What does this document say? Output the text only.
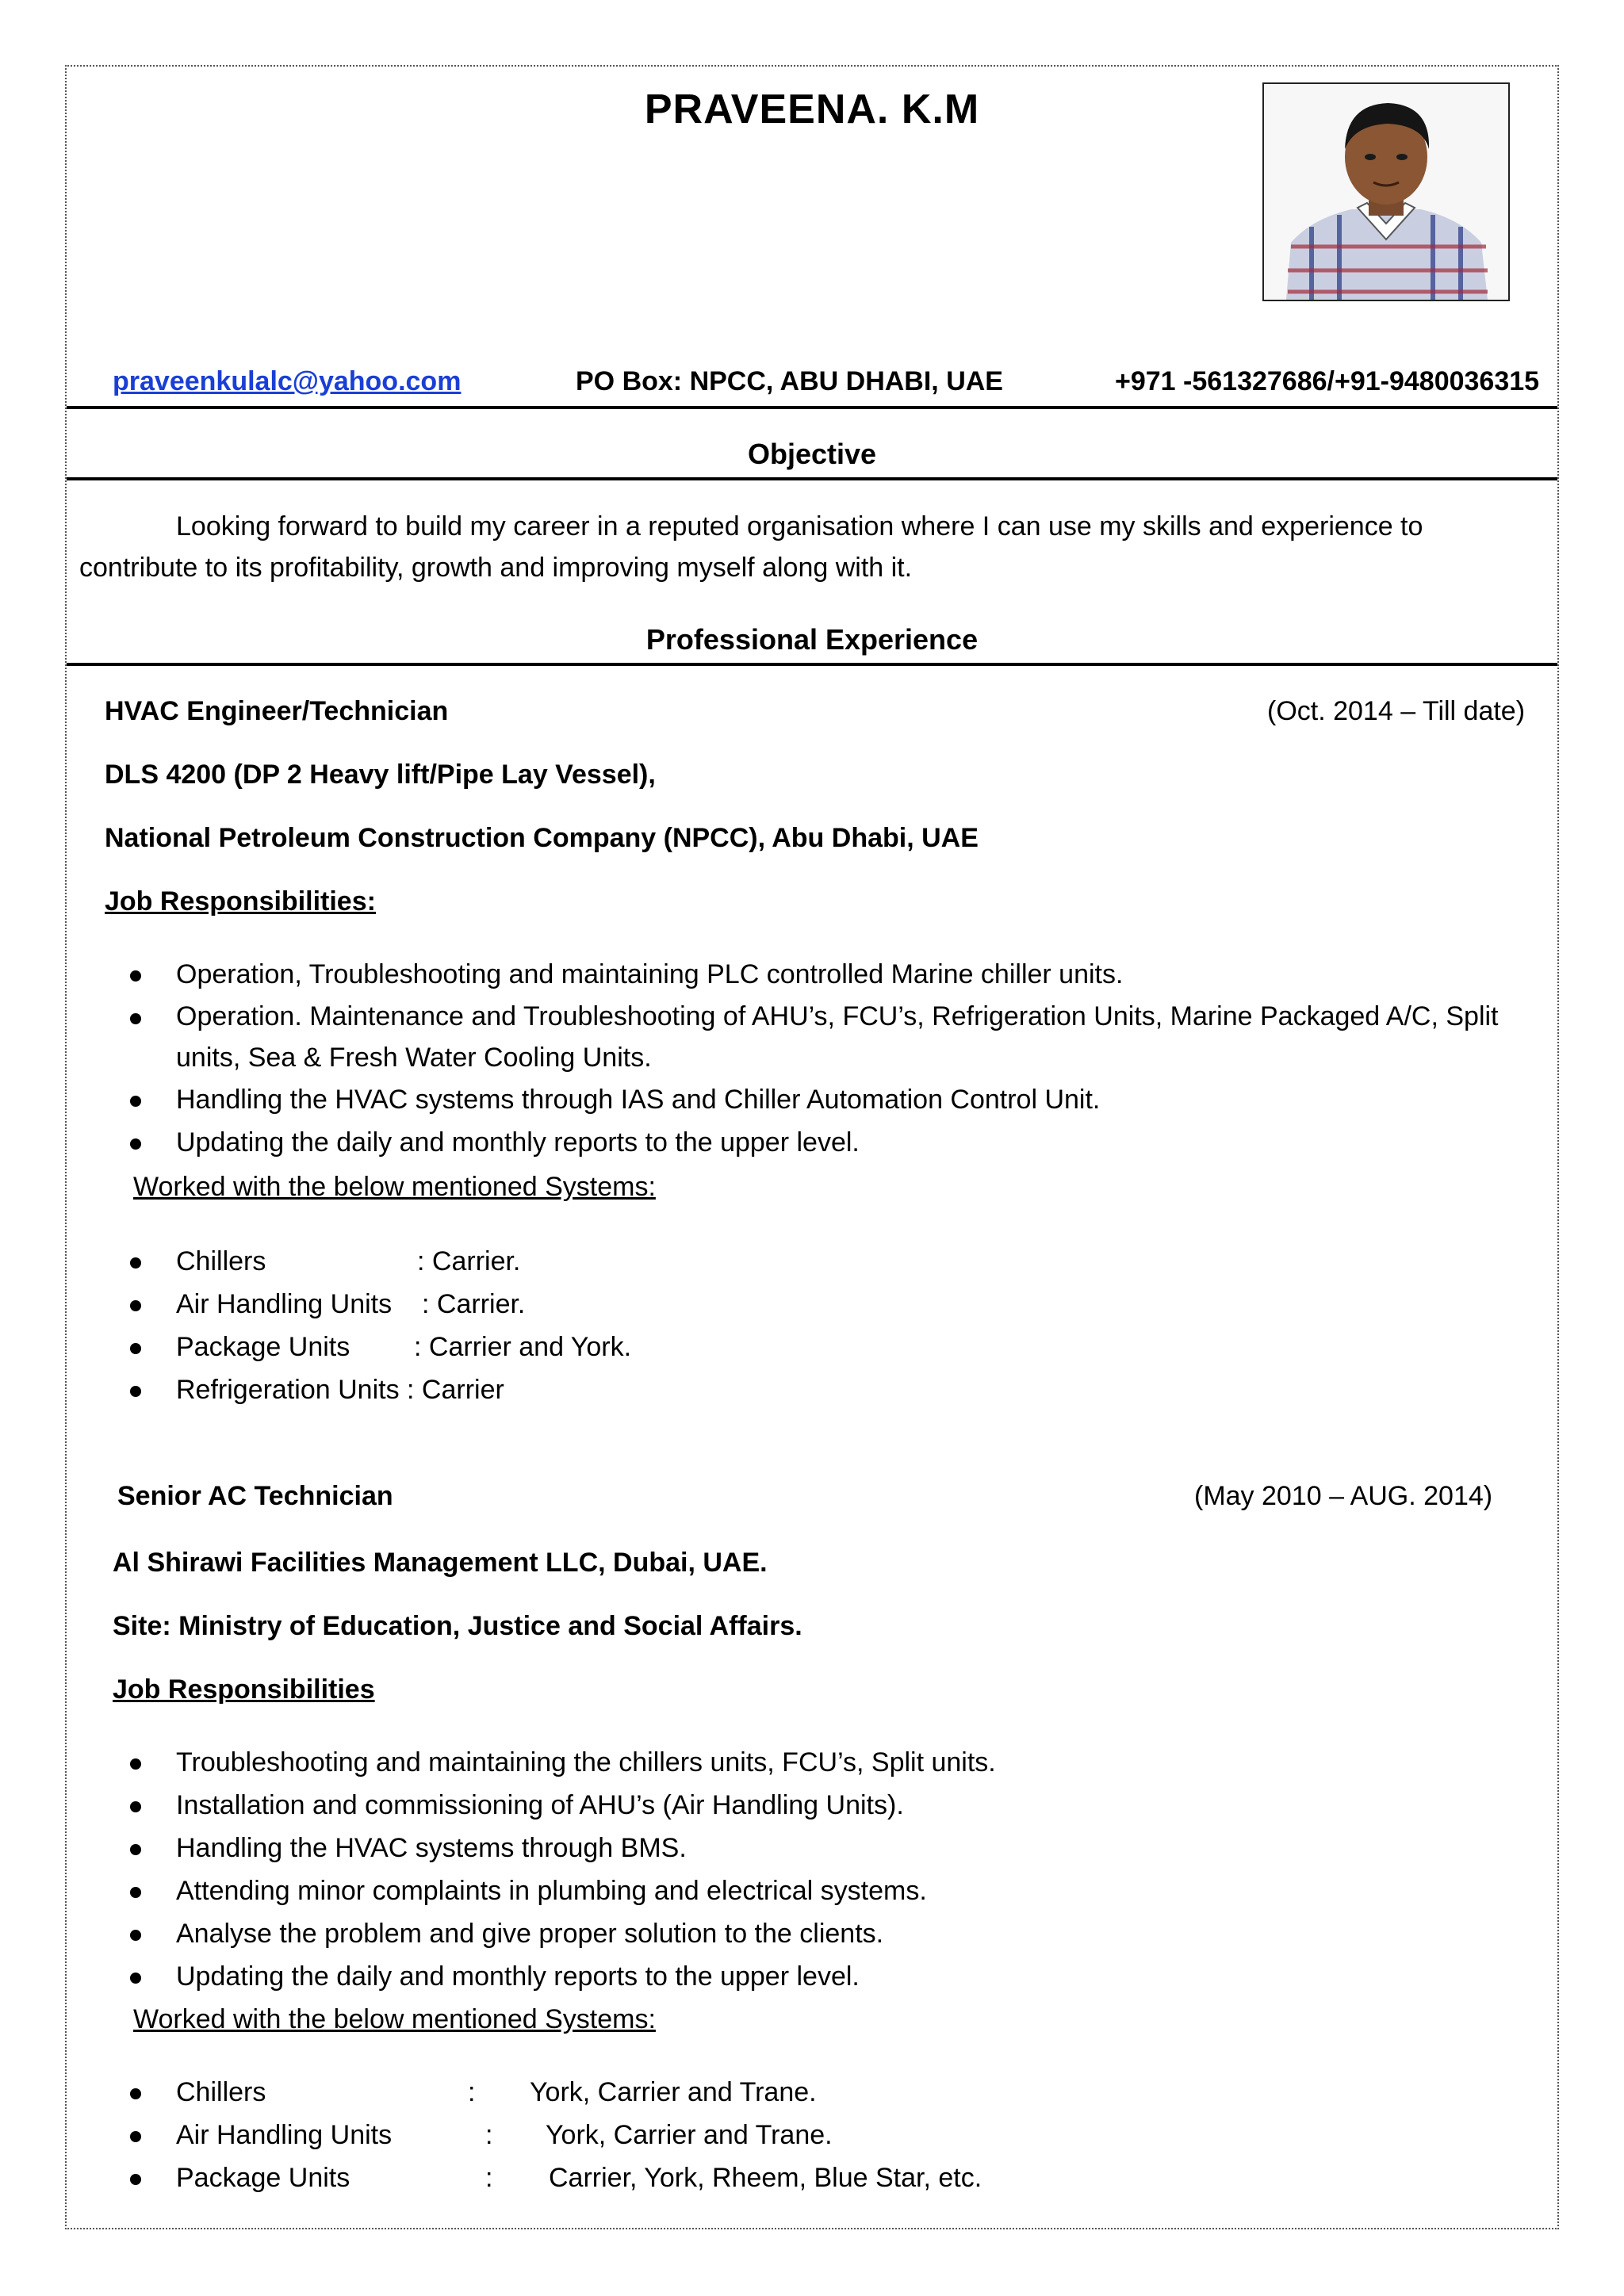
PRAVEENA. K.M
praveenkulalc@yahoo.com	PO Box: NPCC, ABU DHABI, UAE	+971 -561327686/+91-9480036315
Objective
Looking forward to build my career in a reputed organisation where I can use my skills and experience to contribute to its profitability, growth and improving myself along with it.
Professional Experience
HVAC Engineer/Technician	(Oct. 2014 – Till date)
DLS 4200 (DP 2 Heavy lift/Pipe Lay Vessel),
National Petroleum Construction Company (NPCC), Abu Dhabi, UAE
Job Responsibilities:
Operation, Troubleshooting and maintaining PLC controlled Marine chiller units.
Operation. Maintenance and Troubleshooting of AHU’s, FCU’s, Refrigeration Units, Marine Packaged A/C, Split units, Sea & Fresh Water Cooling Units.
Handling the HVAC systems through IAS and Chiller Automation Control Unit.
Updating the daily and monthly reports to the upper level.
Worked with the below mentioned Systems:
Chillers	: Carrier.
Air Handling Units : Carrier.
Package Units : Carrier and York.
Refrigeration Units : Carrier
Senior AC Technician	(May 2010 – AUG. 2014)
Al Shirawi Facilities Management LLC, Dubai, UAE.
Site: Ministry of Education, Justice and Social Affairs.
Job Responsibilities
Troubleshooting and maintaining the chillers units, FCU’s, Split units.
Installation and commissioning of AHU’s (Air Handling Units).
Handling the HVAC systems through BMS.
Attending minor complaints in plumbing and electrical systems.
Analyse the problem and give proper solution to the clients.
Updating the daily and monthly reports to the upper level.
Worked with the below mentioned Systems:
Chillers	: York, Carrier and Trane.
Air Handling Units	: York, Carrier and Trane.
Package Units	: Carrier, York, Rheem, Blue Star, etc.
